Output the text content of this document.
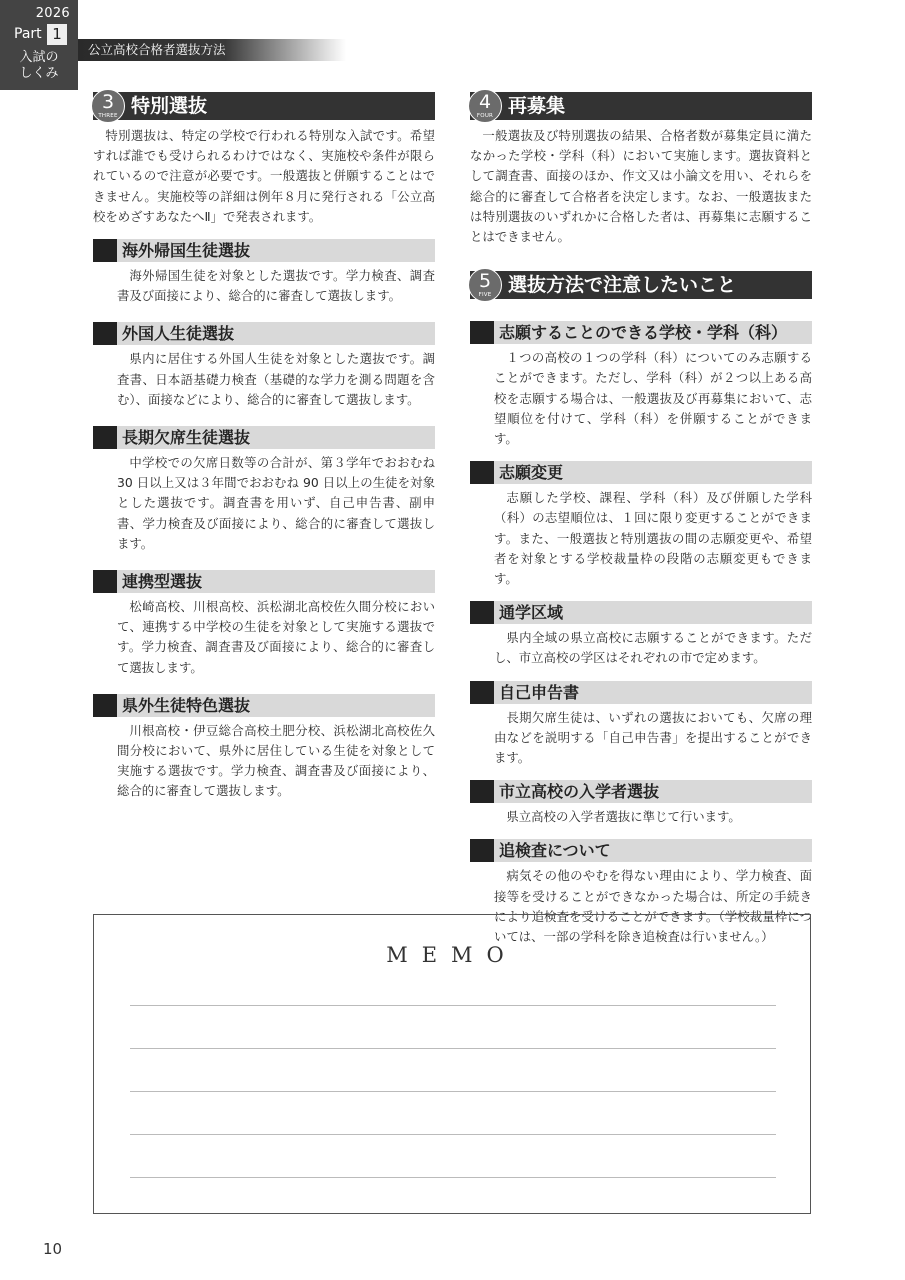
2026
Part 1
入試の
しくみ
公立高校合格者選抜方法
3
THREE 特別選抜

特別選抜は、特定の学校で行われる特別な入試です。希望すれば誰でも受けられるわけではなく、実施校や条件が限られているので注意が必要です。一般選抜と併願することはできません。実施校等の詳細は例年８月に発行される「公立高校をめざすあなたへⅡ」で発表されます。

海外帰国生徒選抜

海外帰国生徒を対象とした選抜です。学力検査、調査書及び面接により、総合的に審査して選抜します。

外国人生徒選抜

県内に居住する外国人生徒を対象とした選抜です。調査書、日本語基礎力検査（基礎的な学力を測る問題を含む）、面接などにより、総合的に審査して選抜します。

長期欠席生徒選抜

中学校での欠席日数等の合計が、第３学年でおおむね30 日以上又は３年間でおおむね 90 日以上の生徒を対象とした選抜です。調査書を用いず、自己申告書、副申書、学力検査及び面接により、総合的に審査して選抜します。

連携型選抜

松崎高校、川根高校、浜松湖北高校佐久間分校において、連携する中学校の生徒を対象として実施する選抜です。学力検査、調査書及び面接により、総合的に審査して選抜します。

県外生徒特色選抜

川根高校・伊豆総合高校土肥分校、浜松湖北高校佐久間分校において、県外に居住している生徒を対象として実施する選抜です。学力検査、調査書及び面接により、総合的に審査して選抜します。

4
FOUR 再募集

一般選抜及び特別選抜の結果、合格者数が募集定員に満たなかった学校・学科（科）において実施します。選抜資料として調査書、面接のほか、作文又は小論文を用い、それらを総合的に審査して合格者を決定します。なお、一般選抜または特別選抜のいずれかに合格した者は、再募集に志願することはできません。

5
FIVE 選抜方法で注意したいこと
志願することのできる学校・学科（科）

１つの高校の１つの学科（科）についてのみ志願することができます。ただし、学科（科）が２つ以上ある高校を志願する場合は、一般選抜及び再募集において、志望順位を付けて、学科（科）を併願することができます。

志願変更

志願した学校、課程、学科（科）及び併願した学科（科）の志望順位は、１回に限り変更することができます。また、一般選抜と特別選抜の間の志願変更や、希望者を対象とする学校裁量枠の段階の志願変更もできます。

通学区域

県内全域の県立高校に志願することができます。ただし、市立高校の学区はそれぞれの市で定めます。

自己申告書

長期欠席生徒は、いずれの選抜においても、欠席の理由などを説明する「自己申告書」を提出することができます。

市立高校の入学者選抜

県立高校の入学者選抜に準じて行います。

追検査について

病気その他のやむを得ない理由により、学力検査、面接等を受けることができなかった場合は、所定の手続きにより追検査を受けることができます。（学校裁量枠については、一部の学科を除き追検査は行いません。）

MEMO
10
